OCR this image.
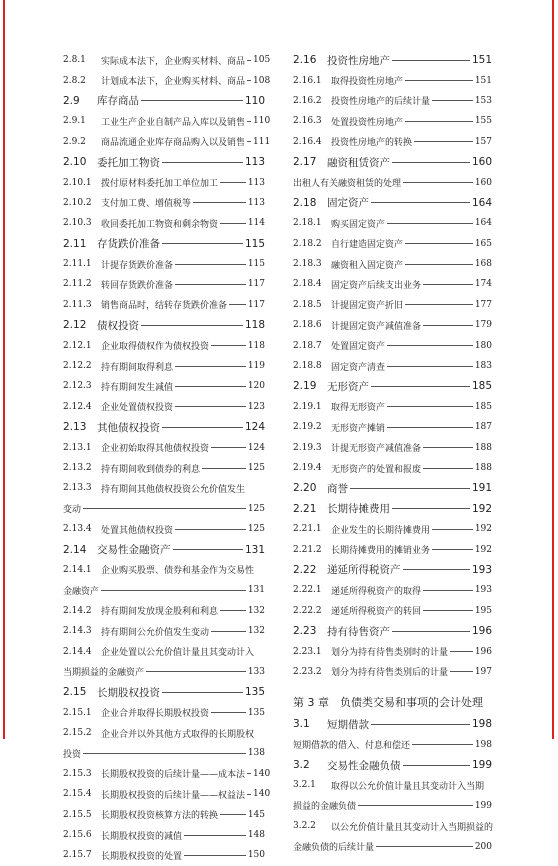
2.8.1	实际成本法下，企业购买材料、商品 105
2.8.2	计划成本法下，企业购买材料、商品 108
2.9	库存商品	110
2.9.1	工业生产企业自制产品入库以及销售 110
2.9.2	商品流通企业库存商品购入以及销售 111
2.10	委托加工物资	113
2.10.1	拨付原材料委托加工单位加工	113
2.10.2	支付加工费、增值税等	113
2.10.3	收回委托加工物资和剩余物资	114
2.11	存货跌价准备	115
2.11.1	计提存货跌价准备	115
2.11.2	转回存货跌价准备	117
2.11.3	销售商品时，结转存货跌价准备 117
2.12	债权投资	118
2.12.1	企业取得债权作为债权投资	118
2.12.2	持有期间取得利息	119
2.12.3	持有期间发生减值	120
2.12.4	企业处置债权投资	123
2.13	其他债权投资	124
2.13.1	企业初始取得其他债权投资	124
2.13.2	持有期间收到债券的利息	125
2.13.3	持有期间其他债权投资公允价值发生
变动	125
2.13.4	处置其他债权投资	125
2.14	交易性金融资产	131
2.14.1	企业购买股票、债券和基金作为交易性
金融资产	131
2.14.2	持有期间发放现金股利和利息	132
2.14.3	持有期间公允价值发生变动	132
2.14.4	企业处置以公允价值计量且其变动计入
当期损益的金融资产	133
2.15	长期股权投资	135
2.15.1	企业合并取得长期股权投资	135
2.15.2	企业合并以外其他方式取得的长期股权
投资	138
2.15.3	长期股权投资的后续计量——成本法 140
2.15.4	长期股权投资的后续计量——权益法 140
2.15.5	长期股权投资核算方法的转换	145
2.15.6	长期股权投资的减值	148
2.15.7	长期股权投资的处置	150
2.16	投资性房地产	151
2.16.1	取得投资性房地产	151
2.16.2	投资性房地产的后续计量	153
2.16.3	处置投资性房地产	155
2.16.4	投资性房地产的转换	157
2.17	融资租赁资产	160
出租人有关融资租赁的处理	160
2.18	固定资产	164
2.18.1	购买固定资产	164
2.18.2	自行建造固定资产	165
2.18.3	融资租入固定资产	168
2.18.4	固定资产后续支出业务	174
2.18.5	计提固定资产折旧	177
2.18.6	计提固定资产减值准备	179
2.18.7	处置固定资产	180
2.18.8	固定资产清查	183
2.19	无形资产	185
2.19.1	取得无形资产	185
2.19.2	无形资产摊销	187
2.19.3	计提无形资产减值准备	188
2.19.4	无形资产的处置和报废	188
2.20	商誉	191
2.21	长期待摊费用	192
2.21.1	企业发生的长期待摊费用	192
2.21.2	长期待摊费用的摊销业务	192
2.22	递延所得税资产	193
2.22.1	递延所得税资产的取得	193
2.22.2	递延所得税资产的转回	195
2.23	持有待售资产	196
2.23.1	划分为持有待售类别时的计量	196
2.23.2	划分为持有待售类别后的计量	197
第 3 章　负债类交易和事项的会计处理
3.1	短期借款	198
短期借款的借入、付息和偿还	198
3.2	交易性金融负债	199
3.2.1	取得以公允价值计量且其变动计入当期
损益的金融负债	199
3.2.2	以公允价值计量且其变动计入当期损益的
金融负债的后续计量	200
